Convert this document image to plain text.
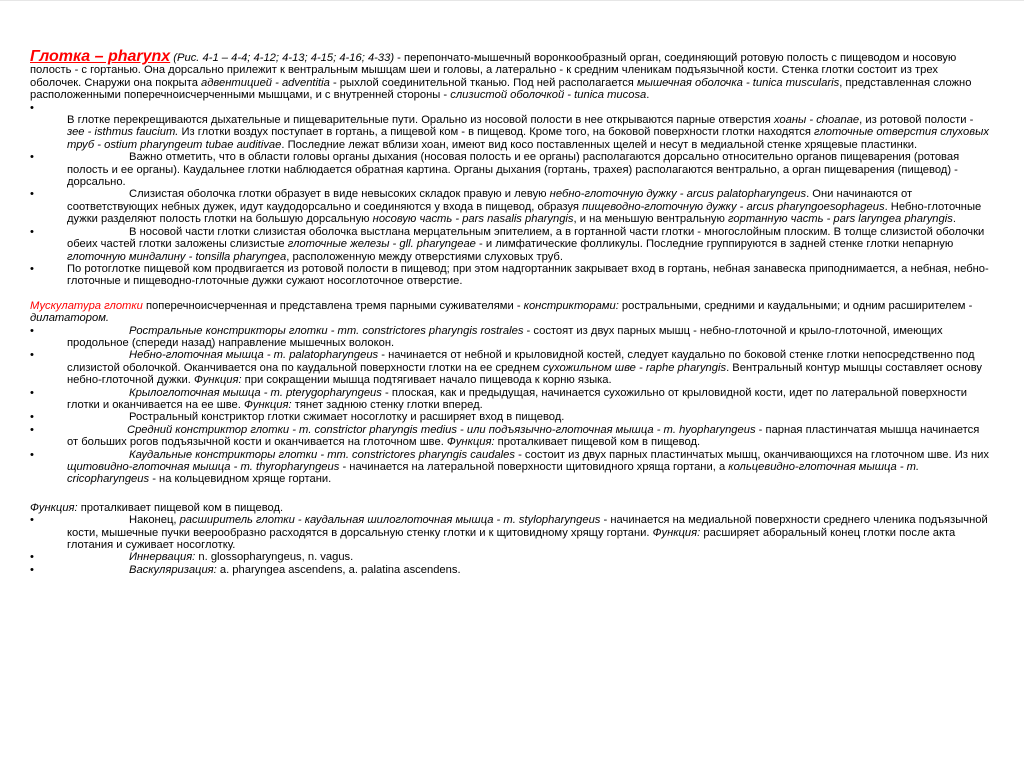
Глотка – pharynx (Рис. 4-1 – 4-4; 4-12; 4-13; 4-15; 4-16; 4-33) - перепончато-мышечный воронкообразный орган, соединяющий ротовую полость с пищеводом и носовую полость - с гортанью. Она дорсально прилежит к вентральным мышцам шеи и головы, а латерально - к средним членикам подъязычной кости. Стенка глотки состоит из трех оболочек. Снаружи она покрыта адвентицией - adventitia - рыхлой соединительной тканью. Под ней располагается мышечная оболочка - tunica muscularis, представленная сложно расположенными поперечноисчерченными мышцами, и с внутренней стороны - слизистой оболочкой - tunica mucosa.
•

В глотке перекрещиваются дыхательные и пищеварительные пути. Орально из носовой полости в нее открываются парные отверстия хоаны - choanae, из ротовой полости - зее - isthmus faucium. Из глотки воздух поступает в гортань, а пищевой ком - в пищевод. Кроме того, на боковой поверхности глотки находятся глоточные отверстия слуховых труб - ostium pharyngeum tubae auditivae. Последние лежат вблизи хоан, имеют вид косо поставленных щелей и несут в медиальной стенке хрящевые пластинки.
•	Важно отметить, что в области головы органы дыхания (носовая полость и ее органы) располагаются дорсально относительно органов пищеварения (ротовая полость и ее органы). Каудальнее глотки наблюдается обратная картина. Органы дыхания (гортань, трахея) располагаются вентрально, а орган пищеварения (пищевод) - дорсально.
•	Слизистая оболочка глотки образует в виде невысоких складок правую и левую небно-глоточную дужку - arcus palatopharyngeus. Они начинаются от соответствующих небных дужек, идут каудодорсально и соединяются у входа в пищевод, образуя пищеводно-глоточную дужку - arcus pharyngoesophageus. Небно-глоточные дужки разделяют полость глотки на большую дорсальную носовую часть - pars nasalis pharyngis, и на меньшую вентральную гортанную часть - pars laryngea pharyngis.
•	В носовой части глотки слизистая оболочка выстлана мерцательным эпителием, а в гортанной части глотки - многослойным плоским. В толще слизистой оболочки обеих частей глотки заложены слизистые глоточные железы - gll. pharyngeae - и лимфатические фолликулы. Последние группируются в задней стенке глотки непарную глоточную миндалину - tonsilla pharyngea, расположенную между отверстиями слуховых труб.
•	По ротоглотке пищевой ком продвигается из ротовой полости в пищевод; при этом надгортанник закрывает вход в гортань, небная занавеска приподнимается, а небная, небно-глоточные и пищеводно-глоточные дужки сужают носоглоточное отверстие.
Мускулатура глотки поперечноисчерченная и представлена тремя парными суживателями - констрикторами: ростральными, средними и каудальными; и одним расширителем - дилататором.
•	Ростральные констрикторы глотки - mm. constrictores pharyngis rostrales - состоят из двух парных мышц - небно-глоточной и крыло-глоточной, имеющих продольное (спереди назад) направление мышечных волокон.
•	Небно-глоточная мышца - m. palatopharyngeus - начинается от небной и крыловидной костей, следует каудально по боковой стенке глотки непосредственно под слизистой оболочкой. Оканчивается она по каудальной поверхности глотки на ее среднем сухожильном шве - raphe pharyngis. Вентральный контур мышцы составляет основу небно-глоточной дужки. Функция: при сокращении мышца подтягивает начало пищевода к корню языка.
•	Крылоглоточная мышца - m. pterygopharyngeus - плоская, как и предыдущая, начинается сухожильно от крыловидной кости, идет по латеральной поверхности глотки и оканчивается на ее шве. Функция: тянет заднюю стенку глотки вперед.
•	Ростральный констриктор глотки сжимает носоглотку и расширяет вход в пищевод.
•	Средний констриктор глотки - m. constrictor pharyngis medius - или подъязычно-глоточная мышца - m. hyopharyngeus - парная пластинчатая мышца начинается от больших рогов подъязычной кости и оканчивается на глоточном шве. Функция: проталкивает пищевой ком в пищевод.
•	Каудальные констрикторы глотки - mm. constrictores pharyngis caudales - состоит из двух парных пластинчатых мышц, оканчивающихся на глоточном шве. Из них щитовидно-глоточная мышца - m. thyropharyngeus - начинается на латеральной поверхности щитовидного хряща гортани, а кольцевидно-глоточная мышца - m. cricopharyngeus - на кольцевидном хряще гортани.
Функция: проталкивает пищевой ком в пищевод.
•	Наконец, расширитель глотки - каудальная шилоглоточная мышца - m. stylopharyngeus - начинается на медиальной поверхности среднего членика подъязычной кости, мышечные пучки веерообразно расходятся в дорсальную стенку глотки и к щитовидному хрящу гортани. Функция: расширяет аборальный конец глотки после акта глотания и суживает носоглотку.
•	Иннервация: n. glossopharyngeus, n. vagus.
•	Васкуляризация: a. pharyngea ascendens, a. palatina ascendens.
